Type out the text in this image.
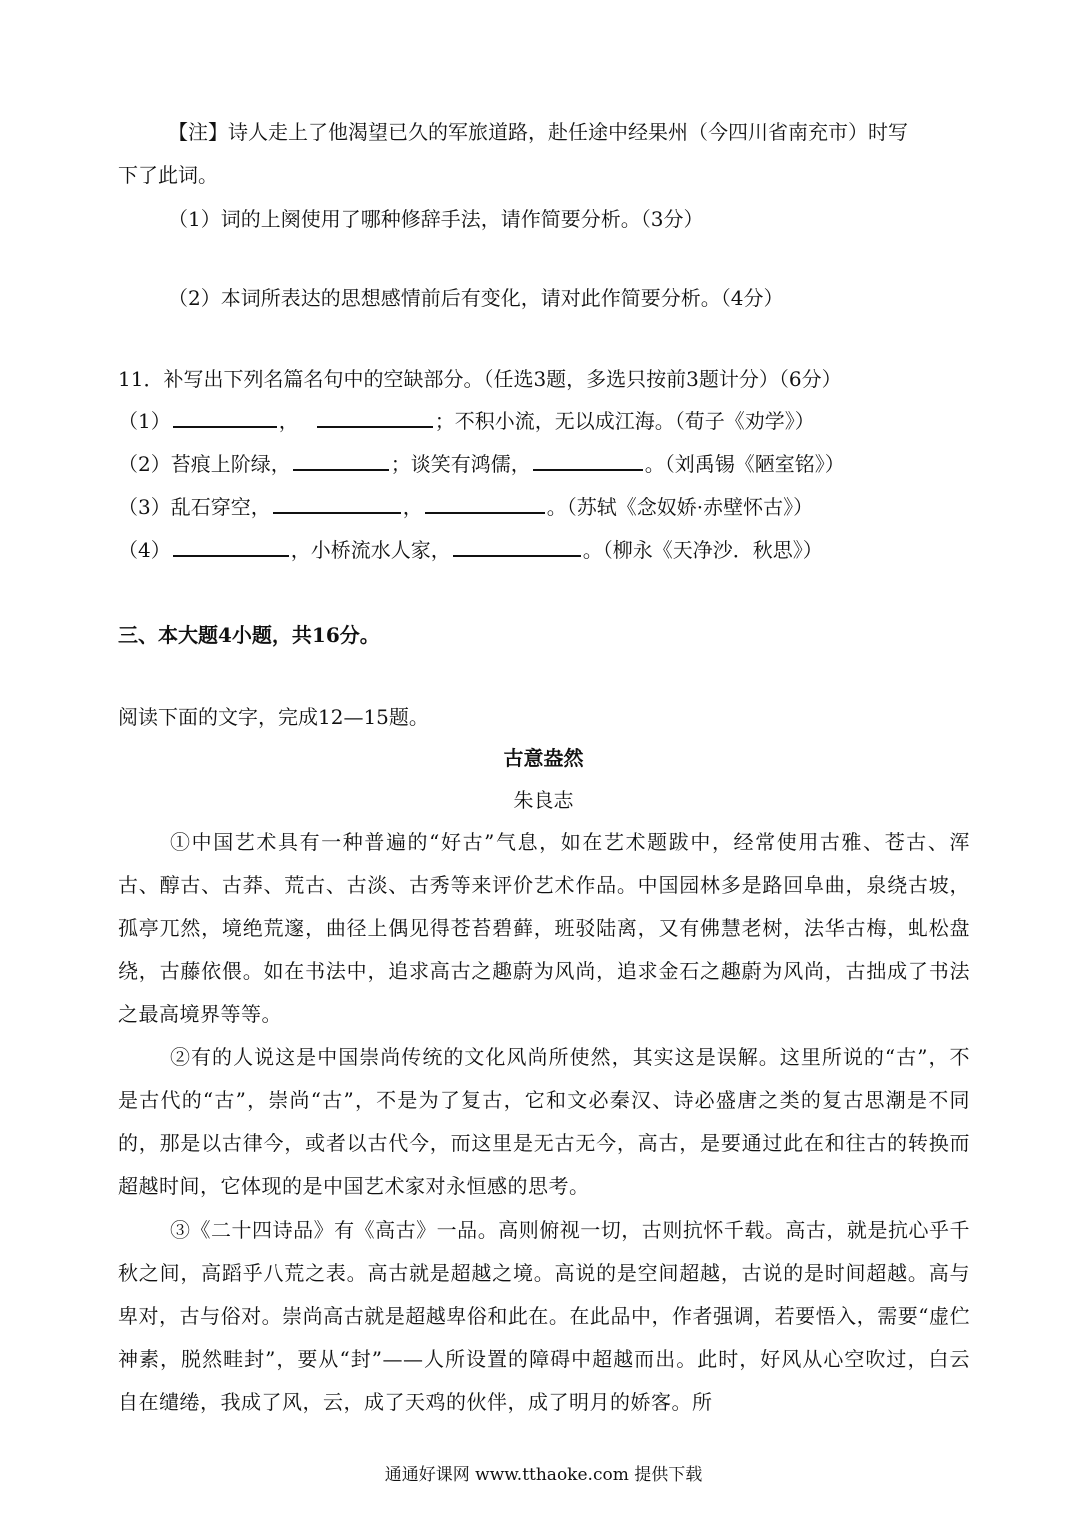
【注】诗人走上了他渴望已久的军旅道路，赴任途中经果州（今四川省南充市）时写
下了此词。
（1）词的上阕使用了哪种修辞手法，请作简要分析。（3分）
（2）本词所表达的思想感情前后有变化，请对此作简要分析。（4分）
11．补写出下列名篇名句中的空缺部分。（任选3题，多选只按前3题计分）（6分）
（1）	，	；不积小流，无以成江海。（荀子《劝学》）
（2）苔痕上阶绿，	；谈笑有鸿儒，	。（刘禹锡《陋室铭》）
（3）乱石穿空，	，	。（苏轼《念奴娇·赤壁怀古》）
（4）	，小桥流水人家，	。（柳永《天净沙．秋思》）
三、本大题4小题，共16分。
阅读下面的文字，完成12—15题。
古意盎然
朱良志
①中国艺术具有一种普遍的“好古”气息，如在艺术题跋中，经常使用古雅、苍古、浑古、醇古、古莽、荒古、古淡、古秀等来评价艺术作品。中国园林多是路回阜曲，泉绕古坡，孤亭兀然，境绝荒邃，曲径上偶见得苍苔碧藓，班驳陆离，又有佛慧老树，法华古梅，虬松盘绕，古藤依偎。如在书法中，追求高古之趣蔚为风尚，追求金石之趣蔚为风尚，古拙成了书法之最高境界等等。
②有的人说这是中国崇尚传统的文化风尚所使然，其实这是误解。这里所说的“古”，不是古代的“古”，崇尚“古”，不是为了复古，它和文必秦汉、诗必盛唐之类的复古思潮是不同的，那是以古律今，或者以古代今，而这里是无古无今，高古，是要通过此在和往古的转换而超越时间，它体现的是中国艺术家对永恒感的思考。
③《二十四诗品》有《高古》一品。高则俯视一切，古则抗怀千载。高古，就是抗心乎千秋之间，高蹈乎八荒之表。高古就是超越之境。高说的是空间超越，古说的是时间超越。高与卑对，古与俗对。崇尚高古就是超越卑俗和此在。在此品中，作者强调，若要悟入，需要“虚伫神素，脱然畦封”，要从“封”——人所设置的障碍中超越而出。此时，好风从心空吹过，白云自在缱绻，我成了风，云，成了天鸡的伙伴，成了明月的娇客。所
通通好课网 www.tthaoke.com 提供下载
